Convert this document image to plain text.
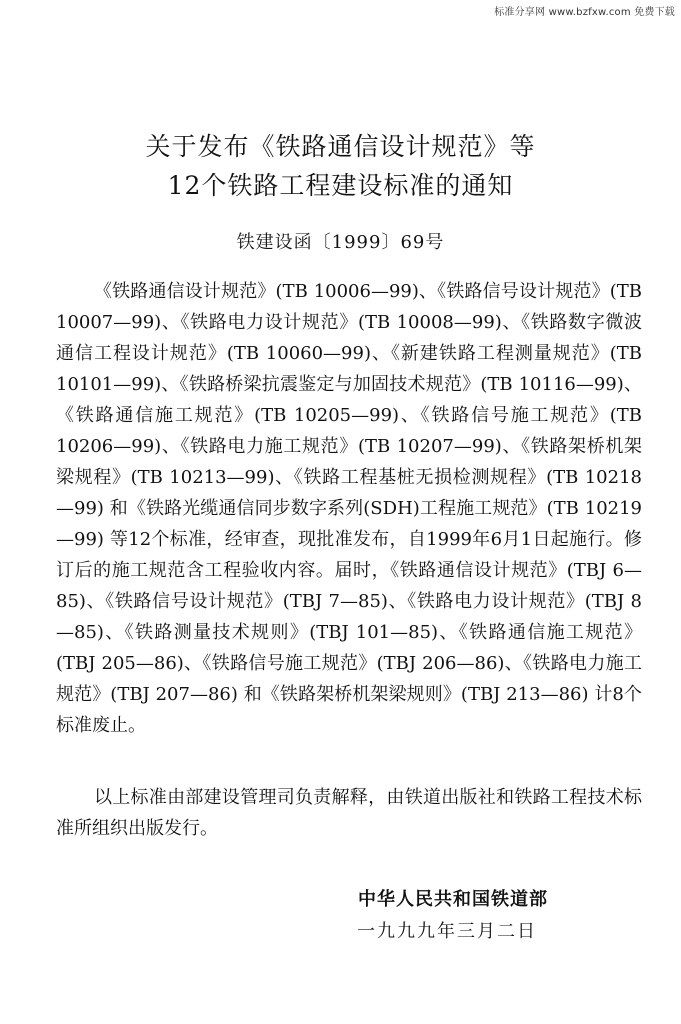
标准分享网 www.bzfxw.com 免费下载
关于发布《铁路通信设计规范》等
12个铁路工程建设标准的通知
铁建设函〔1999〕69号

《铁路通信设计规范》(TB 10006—99)、《铁路信号设计规范》(TB 10007—99)、《铁路电力设计规范》(TB 10008—99)、《铁路数字微波通信工程设计规范》(TB 10060—99)、《新建铁路工程测量规范》(TB 10101—99)、《铁路桥梁抗震鉴定与加固技术规范》(TB 10116—99)、《铁路通信施工规范》(TB 10205—99)、《铁路信号施工规范》(TB 10206—99)、《铁路电力施工规范》(TB 10207—99)、《铁路架桥机架梁规程》(TB 10213—99)、《铁路工程基桩无损检测规程》(TB 10218—99) 和《铁路光缆通信同步数字系列(SDH)工程施工规范》(TB 10219—99) 等12个标准，经审查，现批准发布，自1999年6月1日起施行。修订后的施工规范含工程验收内容。届时，《铁路通信设计规范》(TBJ 6—85)、《铁路信号设计规范》(TBJ 7—85)、《铁路电力设计规范》(TBJ 8—85)、《铁路测量技术规则》(TBJ 101—85)、《铁路通信施工规范》(TBJ 205—86)、《铁路信号施工规范》(TBJ 206—86)、《铁路电力施工规范》(TBJ 207—86) 和《铁路架桥机架梁规则》(TBJ 213—86) 计8个标准废止。

以上标准由部建设管理司负责解释，由铁道出版社和铁路工程技术标准所组织出版发行。

中华人民共和国铁道部
一九九九年三月二日
